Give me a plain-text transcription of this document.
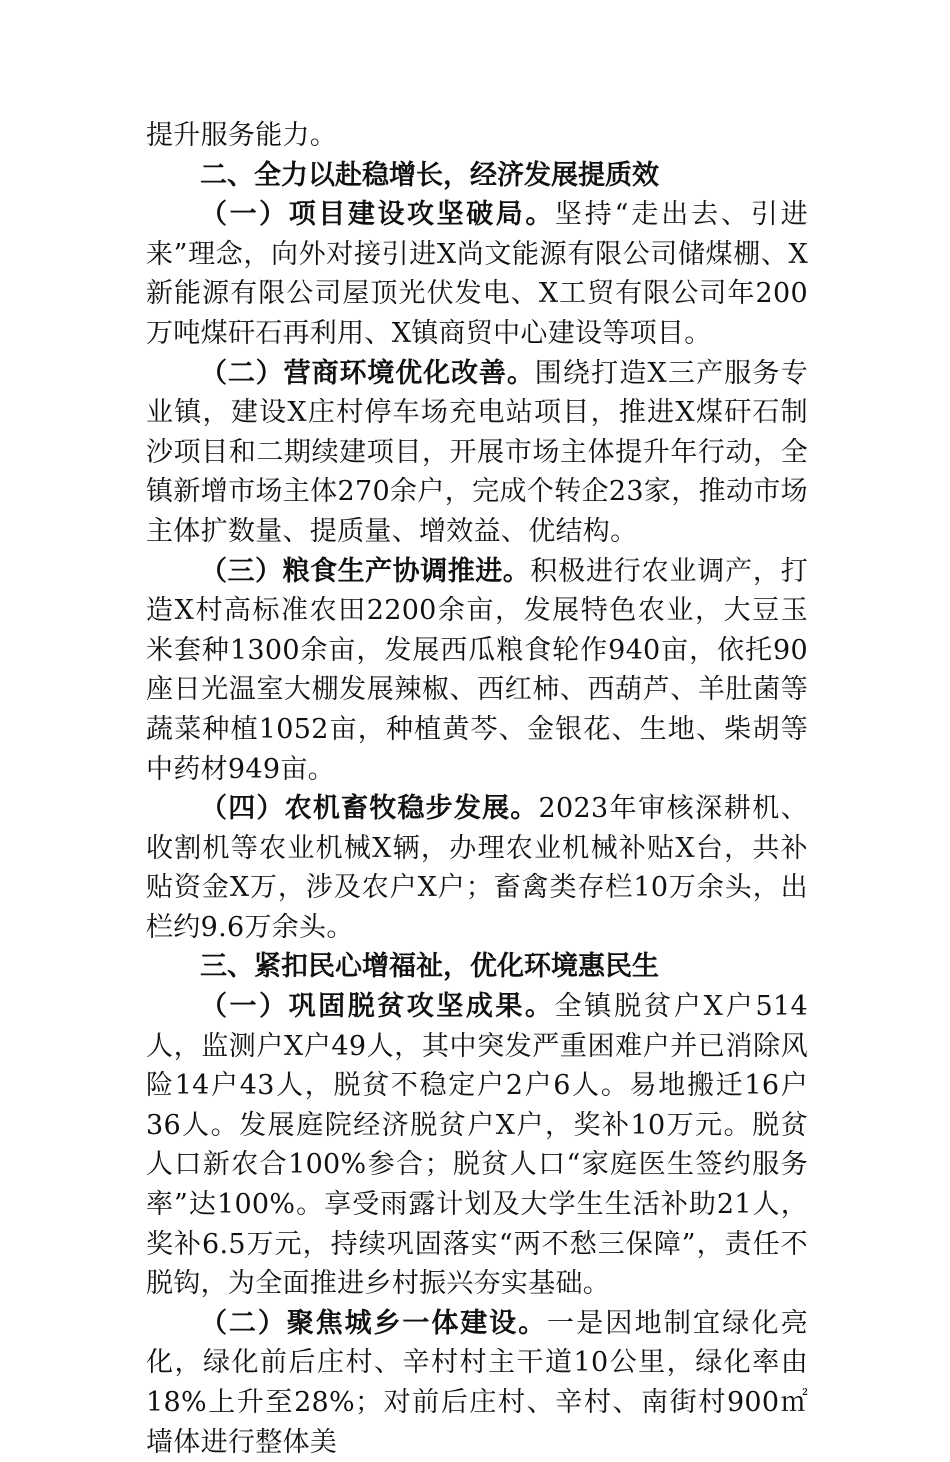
提升服务能力。

二、全力以赴稳增长，经济发展提质效

（一）项目建设攻坚破局。坚持“走出去、引进来”理念，向外对接引进X尚文能源有限公司储煤棚、X新能源有限公司屋顶光伏发电、X工贸有限公司年200万吨煤矸石再利用、X镇商贸中心建设等项目。

（二）营商环境优化改善。围绕打造X三产服务专业镇，建设X庄村停车场充电站项目，推进X煤矸石制沙项目和二期续建项目，开展市场主体提升年行动，全镇新增市场主体270余户，完成个转企23家，推动市场主体扩数量、提质量、增效益、优结构。

（三）粮食生产协调推进。积极进行农业调产，打造X村高标准农田2200余亩，发展特色农业，大豆玉米套种1300余亩，发展西瓜粮食轮作940亩，依托90座日光温室大棚发展辣椒、西红柿、西葫芦、羊肚菌等蔬菜种植1052亩，种植黄芩、金银花、生地、柴胡等中药材949亩。

（四）农机畜牧稳步发展。2023年审核深耕机、收割机等农业机械X辆，办理农业机械补贴X台，共补贴资金X万，涉及农户X户；畜禽类存栏10万余头，出栏约9.6万余头。

三、紧扣民心增福祉，优化环境惠民生

（一）巩固脱贫攻坚成果。全镇脱贫户X户514人，监测户X户49人，其中突发严重困难户并已消除风险14户43人，脱贫不稳定户2户6人。易地搬迁16户36人。发展庭院经济脱贫户X户，奖补10万元。脱贫人口新农合100%参合；脱贫人口“家庭医生签约服务率”达100%。享受雨露计划及大学生生活补助21人，奖补6.5万元，持续巩固落实“两不愁三保障”，责任不脱钩，为全面推进乡村振兴夯实基础。

（二）聚焦城乡一体建设。一是因地制宜绿化亮化，绿化前后庄村、辛村村主干道10公里，绿化率由18%上升至28%；对前后庄村、辛村、南街村900㎡墙体进行整体美
